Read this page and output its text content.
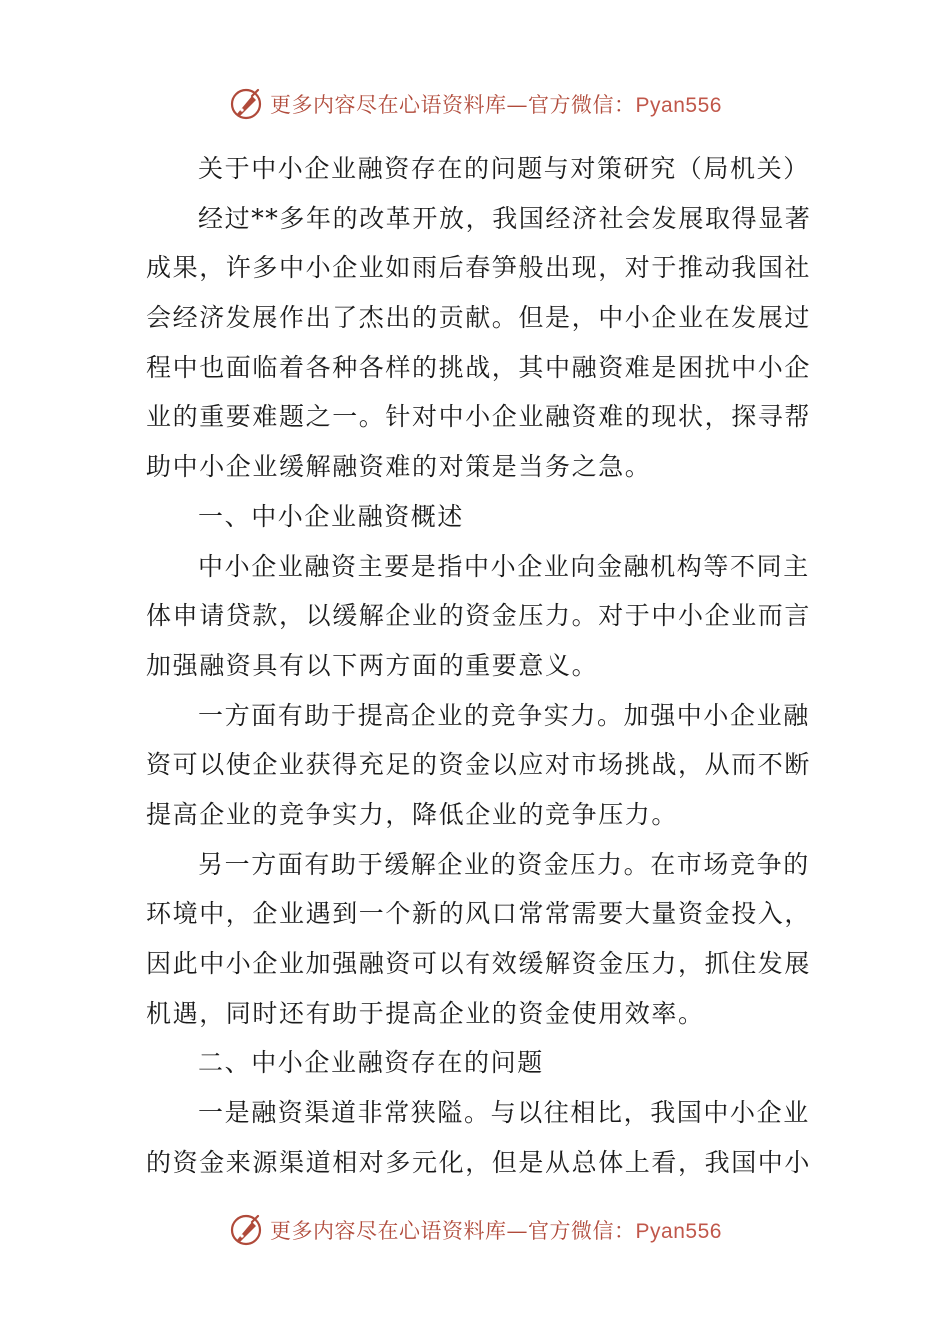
更多内容尽在心语资料库—官方微信：Pyan556
关于中小企业融资存在的问题与对策研究（局机关）
经过**多年的改革开放，我国经济社会发展取得显著
成果，许多中小企业如雨后春笋般出现，对于推动我国社
会经济发展作出了杰出的贡献。但是，中小企业在发展过
程中也面临着各种各样的挑战，其中融资难是困扰中小企
业的重要难题之一。针对中小企业融资难的现状，探寻帮
助中小企业缓解融资难的对策是当务之急。
一、中小企业融资概述
中小企业融资主要是指中小企业向金融机构等不同主
体申请贷款，以缓解企业的资金压力。对于中小企业而言
加强融资具有以下两方面的重要意义。
一方面有助于提高企业的竞争实力。加强中小企业融
资可以使企业获得充足的资金以应对市场挑战，从而不断
提高企业的竞争实力，降低企业的竞争压力。
另一方面有助于缓解企业的资金压力。在市场竞争的
环境中，企业遇到一个新的风口常常需要大量资金投入，
因此中小企业加强融资可以有效缓解资金压力，抓住发展
机遇，同时还有助于提高企业的资金使用效率。
二、中小企业融资存在的问题
一是融资渠道非常狭隘。与以往相比，我国中小企业
的资金来源渠道相对多元化，但是从总体上看，我国中小
更多内容尽在心语资料库—官方微信：Pyan556
